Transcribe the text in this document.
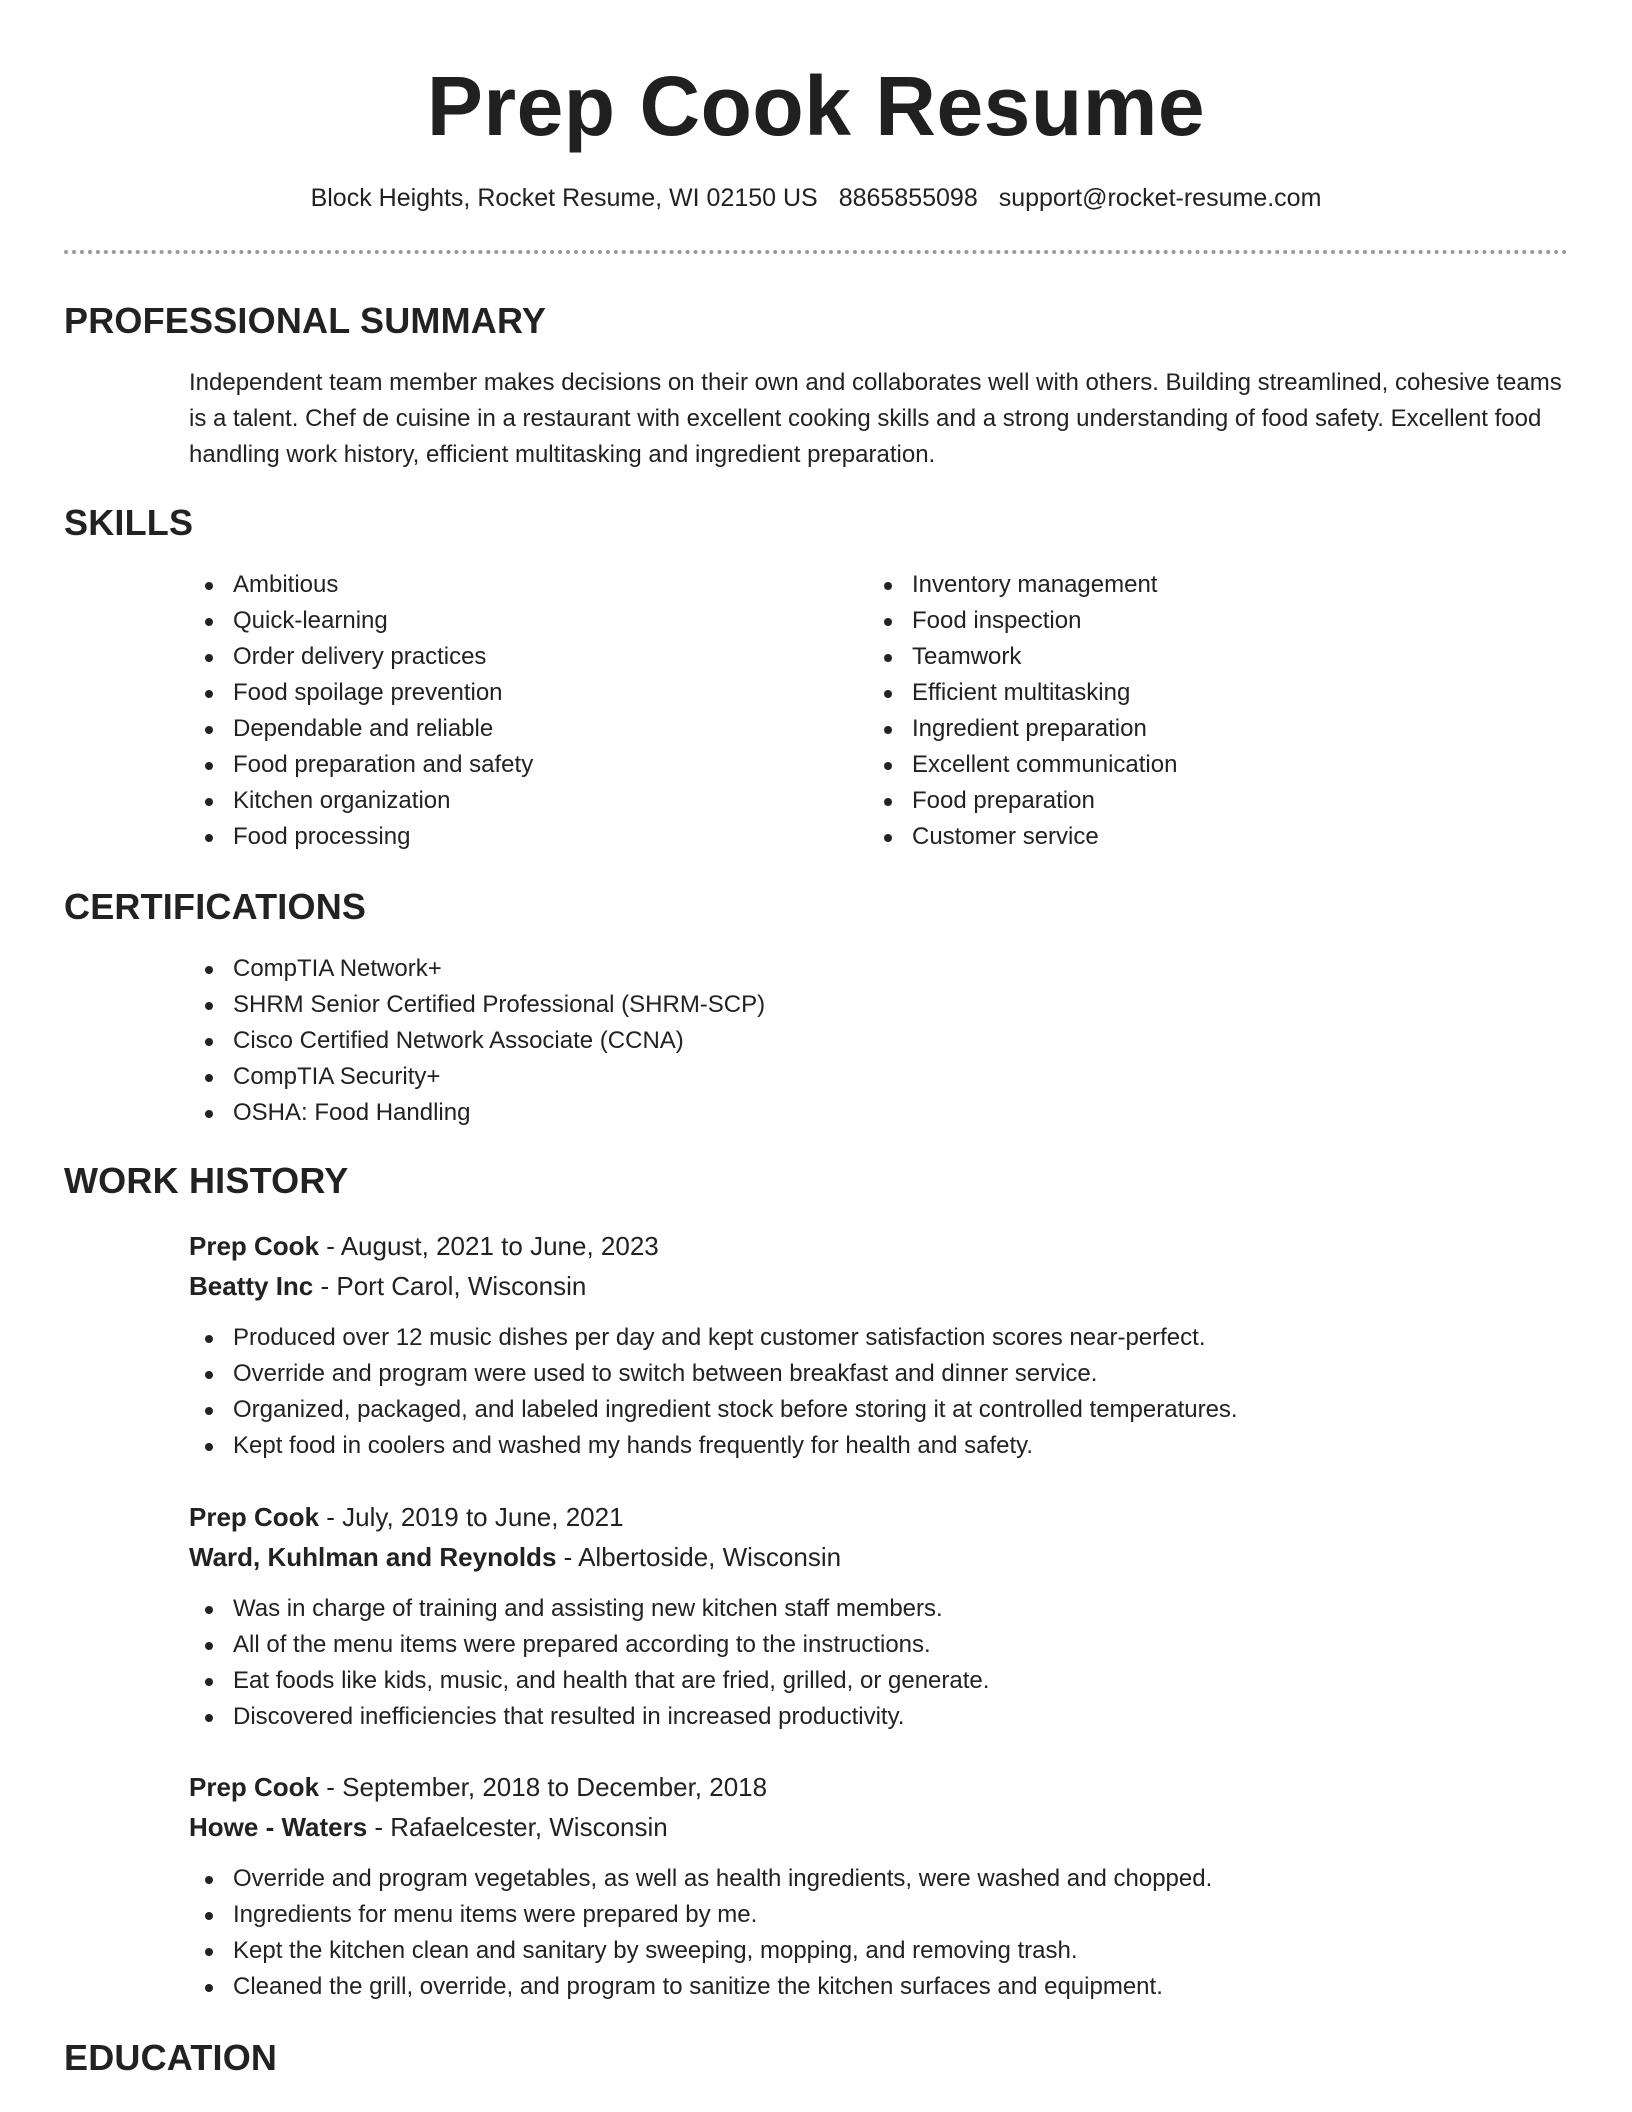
Prep Cook Resume
Block Heights, Rocket Resume, WI 02150 US 8865855098 support@rocket-resume.com
PROFESSIONAL SUMMARY
Independent team member makes decisions on their own and collaborates well with others. Building streamlined, cohesive teams is a talent. Chef de cuisine in a restaurant with excellent cooking skills and a strong understanding of food safety. Excellent food handling work history, efficient multitasking and ingredient preparation.
SKILLS
Ambitious
Quick-learning
Order delivery practices
Food spoilage prevention
Dependable and reliable
Food preparation and safety
Kitchen organization
Food processing
Inventory management
Food inspection
Teamwork
Efficient multitasking
Ingredient preparation
Excellent communication
Food preparation
Customer service
CERTIFICATIONS
CompTIA Network+
SHRM Senior Certified Professional (SHRM-SCP)
Cisco Certified Network Associate (CCNA)
CompTIA Security+
OSHA: Food Handling
WORK HISTORY
Prep Cook - August, 2021 to June, 2023
Beatty Inc - Port Carol, Wisconsin
Produced over 12 music dishes per day and kept customer satisfaction scores near-perfect.
Override and program were used to switch between breakfast and dinner service.
Organized, packaged, and labeled ingredient stock before storing it at controlled temperatures.
Kept food in coolers and washed my hands frequently for health and safety.
Prep Cook - July, 2019 to June, 2021
Ward, Kuhlman and Reynolds - Albertoside, Wisconsin
Was in charge of training and assisting new kitchen staff members.
All of the menu items were prepared according to the instructions.
Eat foods like kids, music, and health that are fried, grilled, or generate.
Discovered inefficiencies that resulted in increased productivity.
Prep Cook - September, 2018 to December, 2018
Howe - Waters - Rafaelcester, Wisconsin
Override and program vegetables, as well as health ingredients, were washed and chopped.
Ingredients for menu items were prepared by me.
Kept the kitchen clean and sanitary by sweeping, mopping, and removing trash.
Cleaned the grill, override, and program to sanitize the kitchen surfaces and equipment.
EDUCATION
